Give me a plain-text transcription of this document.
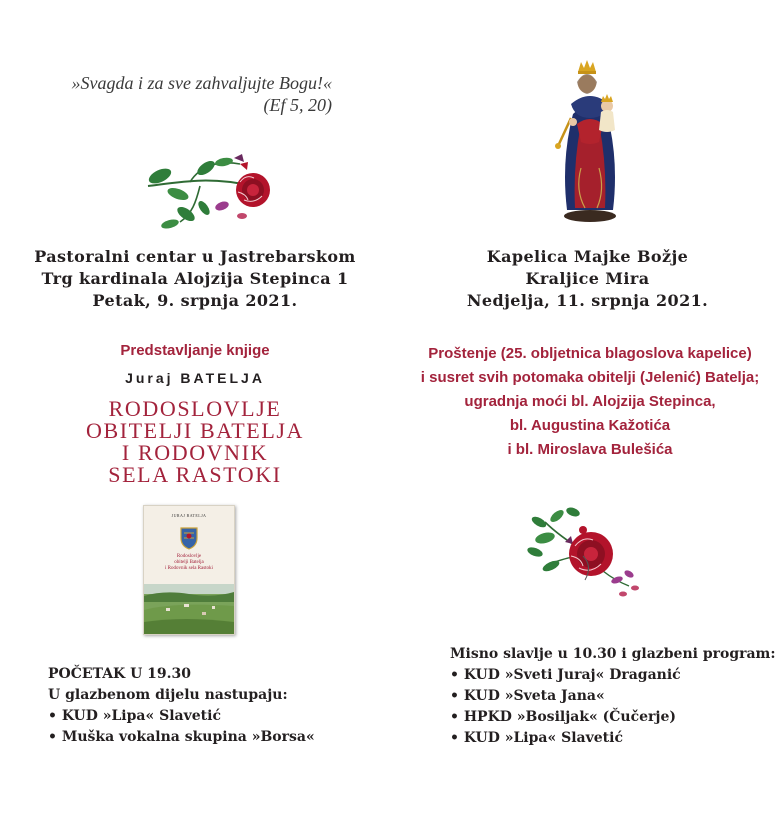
»Svagda i za sve zahvaljujte Bogu!«
(Ef 5, 20)
Pastoralni centar u Jastrebarskom
Trg kardinala Alojzija Stepinca 1
Petak, 9. srpnja 2021.
Predstavljanje knjige
Juraj BATELJA
RODOSLOVLJE
OBITELJI BATELJA
I RODOVNIK
SELA RASTOKI
JURAJ BATELJA
Rodoslovlje
obitelji Batelja
i Rodovnik sela Rastoki
POČETAK U 19.30
U glazbenom dijelu nastupaju:
• KUD »Lipa« Slavetić
• Muška vokalna skupina »Borsa«
Kapelica Majke Božje
Kraljice Mira
Nedjelja, 11. srpnja 2021.
Proštenje (25. obljetnica blagoslova kapelice)
i susret svih potomaka obitelji (Jelenić) Batelja;
ugradnja moći bl. Alojzija Stepinca,
bl. Augustina Kažotića
i bl. Miroslava Bulešića
Misno slavlje u 10.30 i glazbeni program:
• KUD »Sveti Juraj« Draganić
• KUD »Sveta Jana«
• HPKD »Bosiljak« (Čučerje)
• KUD »Lipa« Slavetić
